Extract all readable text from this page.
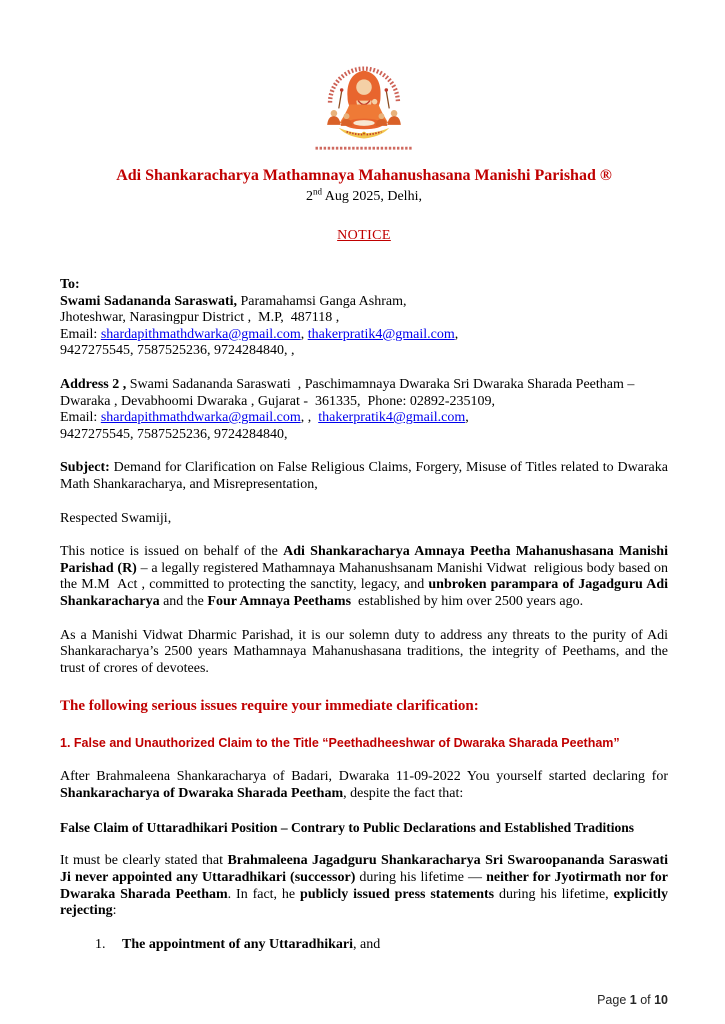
Adi Shankaracharya Mathamnaya Mahanushasana Manishi Parishad ®
2nd Aug 2025, Delhi,
NOTICE
To:
Swami Sadananda Saraswati, Paramahamsi Ganga Ashram,
Jhoteshwar, Narasingpur District ,  M.P,  487118 ,
Email: shardapithmathdwarka@gmail.com, thakerpratik4@gmail.com,
9427275545, 7587525236, 9724284840, ,
Address 2 , Swami Sadananda Saraswati  , Paschimamnaya Dwaraka Sri Dwaraka Sharada Peetham –
Dwaraka , Devabhoomi Dwaraka , Gujarat -  361335,  Phone: 02892-235109,
Email: shardapithmathdwarka@gmail.com, ,  thakerpratik4@gmail.com,
9427275545, 7587525236, 9724284840,
Subject: Demand for Clarification on False Religious Claims, Forgery, Misuse of Titles related to Dwaraka Math Shankaracharya, and Misrepresentation,
Respected Swamiji,
This notice is issued on behalf of the Adi Shankaracharya Amnaya Peetha Mahanushasana Manishi Parishad (R) – a legally registered Mathamnaya Mahanushsanam Manishi Vidwat  religious body based on the M.M  Act , committed to protecting the sanctity, legacy, and unbroken parampara of Jagadguru Adi Shankaracharya and the Four Amnaya Peethams  established by him over 2500 years ago.
As a Manishi Vidwat Dharmic Parishad, it is our solemn duty to address any threats to the purity of Adi Shankaracharya’s 2500 years Mathamnaya Mahanushasana traditions, the integrity of Peethams, and the trust of crores of devotees.
The following serious issues require your immediate clarification:
1. False and Unauthorized Claim to the Title “Peethadheeshwar of Dwaraka Sharada Peetham”
After Brahmaleena Shankaracharya of Badari, Dwaraka 11-09-2022 You yourself started declaring for Shankaracharya of Dwaraka Sharada Peetham, despite the fact that:
False Claim of Uttaradhikari Position – Contrary to Public Declarations and Established Traditions
It must be clearly stated that Brahmaleena Jagadguru Shankaracharya Sri Swaroopananda Saraswati Ji never appointed any Uttaradhikari (successor) during his lifetime — neither for Jyotirmath nor for Dwaraka Sharada Peetham. In fact, he publicly issued press statements during his lifetime, explicitly rejecting:
1.	The appointment of any Uttaradhikari, and
Page 1 of 10
